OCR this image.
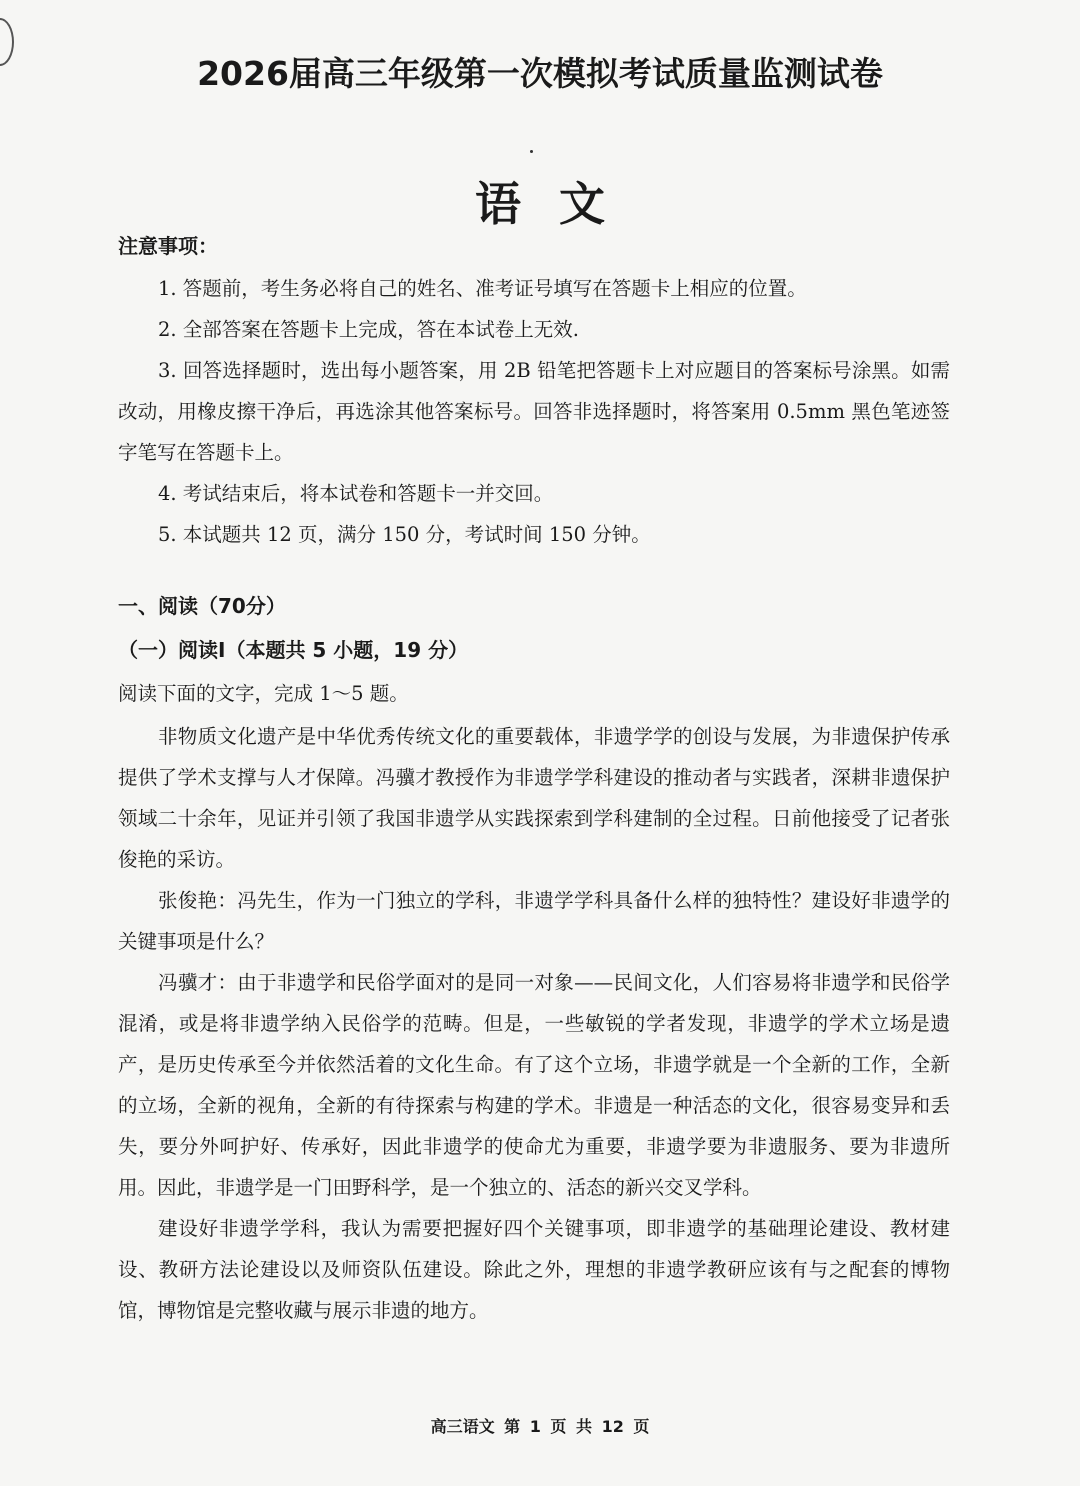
2026届高三年级第一次模拟考试质量监测试卷
语文
注意事项：

1. 答题前，考生务必将自己的姓名、准考证号填写在答题卡上相应的位置。

2. 全部答案在答题卡上完成，答在本试卷上无效.

3. 回答选择题时，选出每小题答案，用 2B 铅笔把答题卡上对应题目的答案标号涂黑。如需改动，用橡皮擦干净后，再选涂其他答案标号。回答非选择题时，将答案用 0.5mm 黑色笔迹签字笔写在答题卡上。

4. 考试结束后，将本试卷和答题卡一并交回。

5. 本试题共 12 页，满分 150 分，考试时间 150 分钟。

一、阅读（70分）
（一）阅读I（本题共 5 小题，19 分）
阅读下面的文字，完成 1～5 题。

非物质文化遗产是中华优秀传统文化的重要载体，非遗学学的创设与发展，为非遗保护传承提供了学术支撑与人才保障。冯骥才教授作为非遗学学科建设的推动者与实践者，深耕非遗保护领域二十余年，见证并引领了我国非遗学从实践探索到学科建制的全过程。日前他接受了记者张俊艳的采访。

张俊艳：冯先生，作为一门独立的学科，非遗学学科具备什么样的独特性？建设好非遗学的关键事项是什么？

冯骥才：由于非遗学和民俗学面对的是同一对象——民间文化，人们容易将非遗学和民俗学混淆，或是将非遗学纳入民俗学的范畴。但是，一些敏锐的学者发现，非遗学的学术立场是遗产，是历史传承至今并依然活着的文化生命。有了这个立场，非遗学就是一个全新的工作，全新的立场，全新的视角，全新的有待探索与构建的学术。非遗是一种活态的文化，很容易变异和丢失，要分外呵护好、传承好，因此非遗学的使命尤为重要，非遗学要为非遗服务、要为非遗所用。因此，非遗学是一门田野科学，是一个独立的、活态的新兴交叉学科。

建设好非遗学学科，我认为需要把握好四个关键事项，即非遗学的基础理论建设、教材建设、教研方法论建设以及师资队伍建设。除此之外，理想的非遗学教研应该有与之配套的博物馆，博物馆是完整收藏与展示非遗的地方。

高三语文 第 1 页 共 12 页
